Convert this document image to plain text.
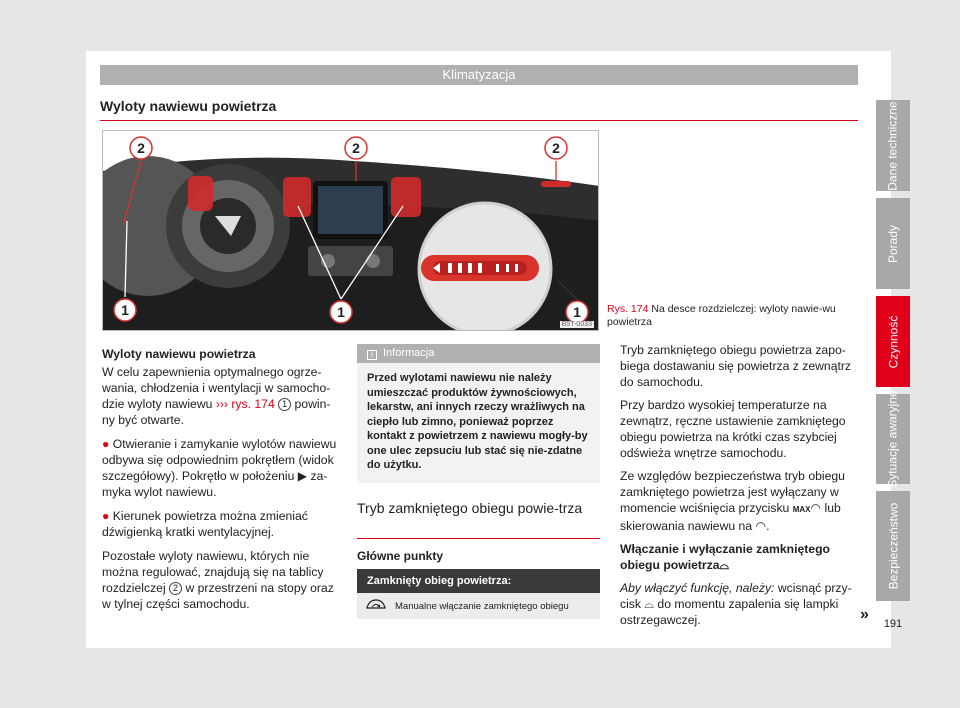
Klimatyzacja
Wyloty nawiewu powietrza	Dane techniczne
Porady
Czynność
Sytuacje awaryjne
Bezpieczeństwo
191
2	2	2
1	1	1
B5T-0033
Rys. 174 Na desce rozdzielczej: wyloty nawie-wu powietrza
Wyloty nawiewu powietrza

W celu zapewnienia optymalnego ogrze-wania, chłodzenia i wentylacji w samocho-dzie wyloty nawiewu ››› rys. 174 1 powin-ny być otwarte.

● Otwieranie i zamykanie wylotów nawiewu odbywa się odpowiednim pokrętłem (widok szczegółowy). Pokrętło w położeniu ▶ za-myka wylot nawiewu.

● Kierunek powietrza można zmieniać dźwigienką kratki wentylacyjnej.

Pozostałe wyloty nawiewu, których nie można regulować, znajdują się na tablicy rozdzielczej 2 w przestrzeni na stopy oraz w tylnej części samochodu.

i Informacja
Przed wylotami nawiewu nie należy umieszczać produktów żywnościowych, lekarstw, ani innych rzeczy wrażliwych na ciepło lub zimno, ponieważ poprzez kontakt z powietrzem z nawiewu mogły-by one ulec zepsuciu lub stać się nie-zdatne do użytku.
Tryb zamkniętego obiegu powie-trza
Główne punkty
Zamknięty obieg powietrza:
Manualne włączanie zamkniętego obiegu

Tryb zamkniętego obiegu powietrza zapo-biega dostawaniu się powietrza z zewnątrz do samochodu.

Przy bardzo wysokiej temperaturze na zewnątrz, ręczne ustawienie zamkniętego obiegu powietrza na krótki czas szybciej odświeża wnętrze samochodu.

Ze względów bezpieczeństwa tryb obiegu zamkniętego powietrza jest wyłączany w momencie wciśnięcia przycisku MAX◠ lub skierowania nawiewu na ◠.

Włączanie i wyłączanie zamkniętego obiegu powietrza⌓

Aby włączyć funkcję, należy: wcisnąć przy-cisk ⌓ do momentu zapalenia się lampki ostrzegawczej.	»
